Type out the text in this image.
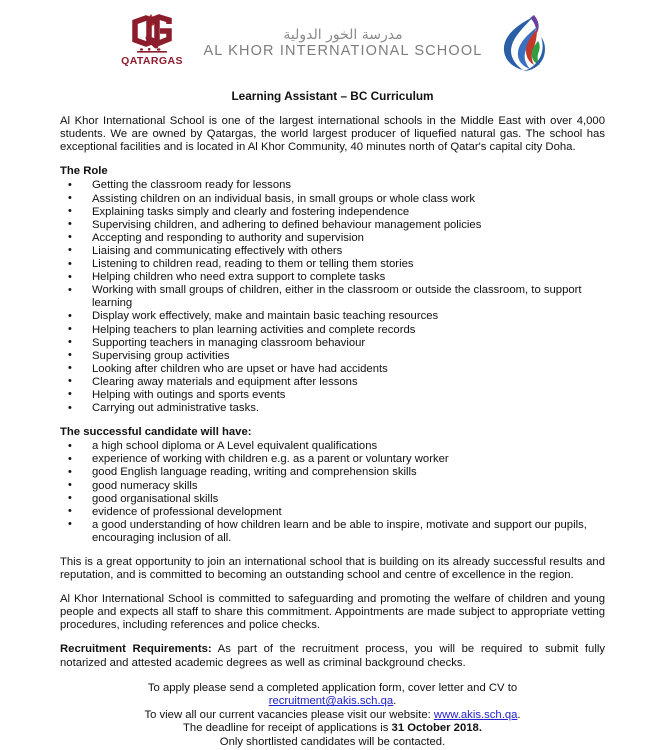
QATARGAS
مدرسة الخور الدولية
AL KHOR INTERNATIONAL SCHOOL
Learning Assistant – BC Curriculum

Al Khor International School is one of the largest international schools in the Middle East with over 4,000 students. We are owned by Qatargas, the world largest producer of liquefied natural gas. The school has exceptional facilities and is located in Al Khor Community, 40 minutes north of Qatar's capital city Doha.

The Role
• Getting the classroom ready for lessons
• Assisting children on an individual basis, in small groups or whole class work
• Explaining tasks simply and clearly and fostering independence
• Supervising children, and adhering to defined behaviour management policies
• Accepting and responding to authority and supervision
• Liaising and communicating effectively with others
• Listening to children read, reading to them or telling them stories
• Helping children who need extra support to complete tasks
• Working with small groups of children, either in the classroom or outside the classroom, to support learning
• Display work effectively, make and maintain basic teaching resources
• Helping teachers to plan learning activities and complete records
• Supporting teachers in managing classroom behaviour
• Supervising group activities
• Looking after children who are upset or have had accidents
• Clearing away materials and equipment after lessons
• Helping with outings and sports events
• Carrying out administrative tasks.
The successful candidate will have:
• a high school diploma or A Level equivalent qualifications
• experience of working with children e.g. as a parent or voluntary worker
• good English language reading, writing and comprehension skills
• good numeracy skills
• good organisational skills
• evidence of professional development
• a good understanding of how children learn and be able to inspire, motivate and support our pupils, encouraging inclusion of all.

This is a great opportunity to join an international school that is building on its already successful results and reputation, and is committed to becoming an outstanding school and centre of excellence in the region.

Al Khor International School is committed to safeguarding and promoting the welfare of children and young people and expects all staff to share this commitment. Appointments are made subject to appropriate vetting procedures, including references and police checks.

Recruitment Requirements: As part of the recruitment process, you will be required to submit fully notarized and attested academic degrees as well as criminal background checks.

To apply please send a completed application form, cover letter and CV to
recruitment@akis.sch.qa.
To view all our current vacancies please visit our website: www.akis.sch.qa.
The deadline for receipt of applications is 31 October 2018.
Only shortlisted candidates will be contacted.
